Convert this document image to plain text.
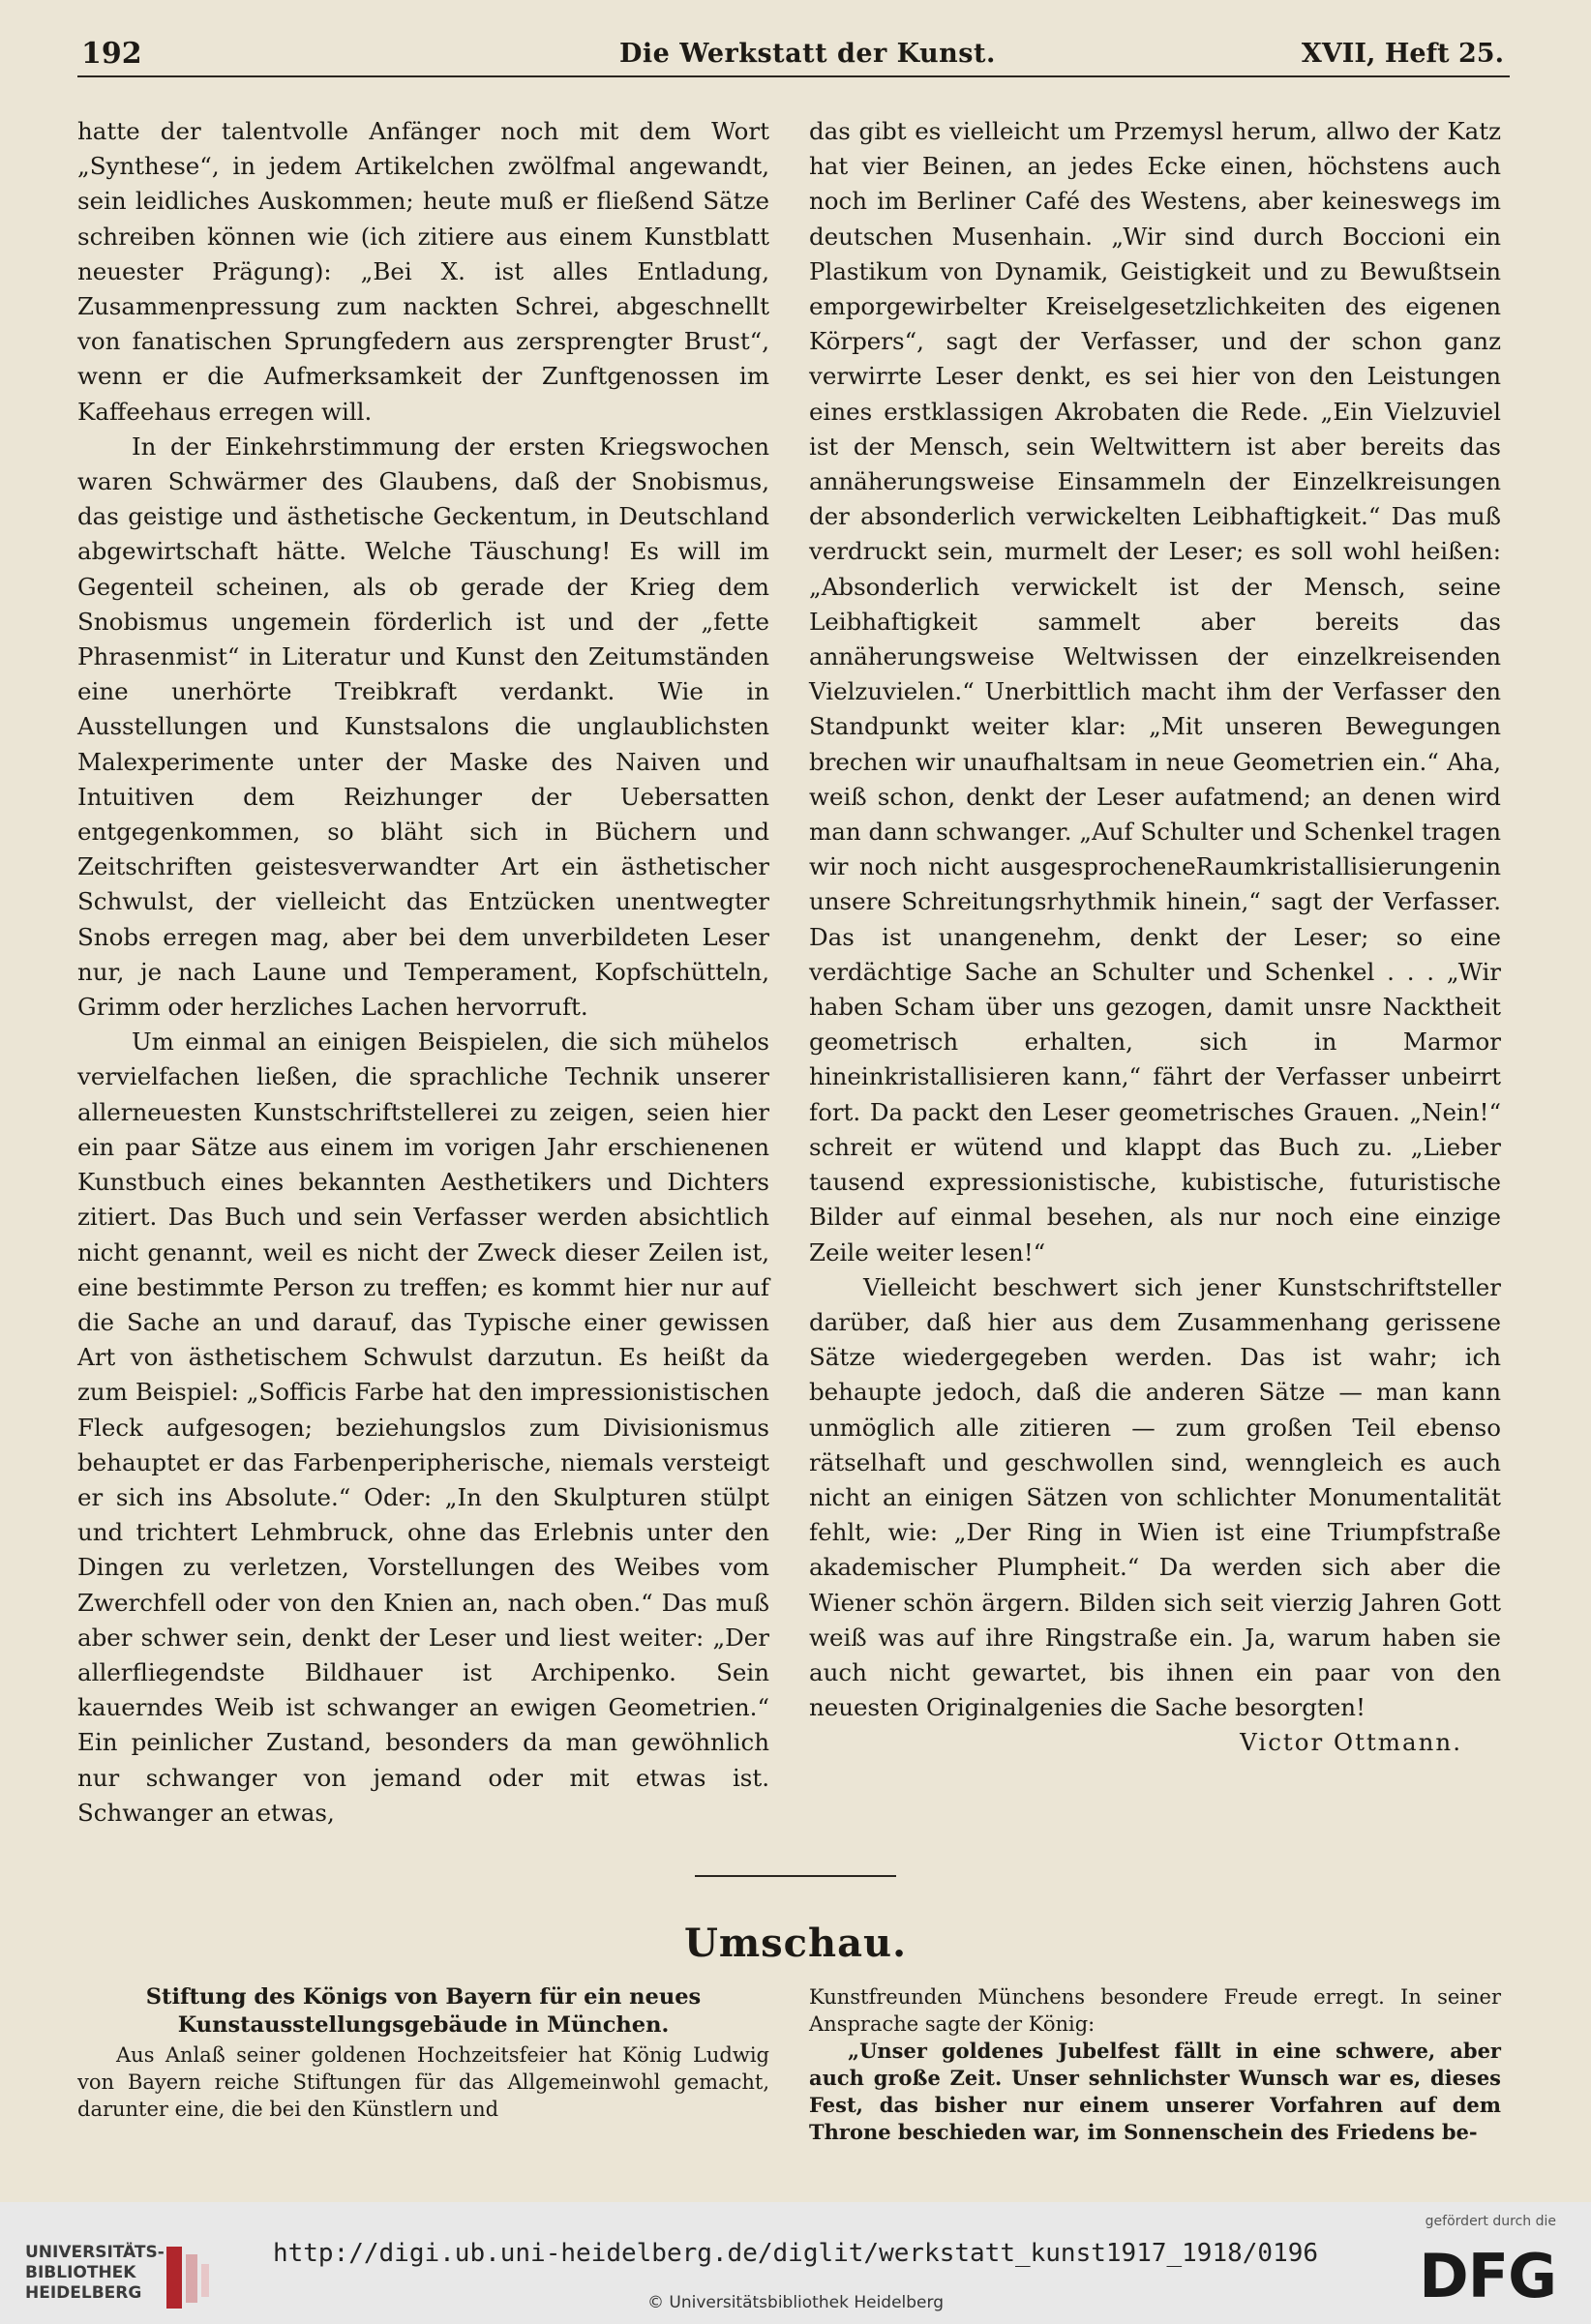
192	Die Werkstatt der Kunst.	XVII, Heft 25.

hatte der talentvolle Anfänger noch mit dem Wort „Synthese“, in jedem Artikelchen zwölfmal angewandt, sein leidliches Auskommen; heute muß er fließend Sätze schreiben können wie (ich zitiere aus einem Kunstblatt neuester Prägung): „Bei X. ist alles Entladung, Zusammenpressung zum nackten Schrei, abgeschnellt von fanatischen Sprungfedern aus zersprengter Brust“, wenn er die Aufmerksamkeit der Zunftgenossen im Kaffeehaus erregen will.

In der Einkehrstimmung der ersten Kriegswochen waren Schwärmer des Glaubens, daß der Snobismus, das geistige und ästhetische Geckentum, in Deutschland abgewirtschaft hätte. Welche Täuschung! Es will im Gegenteil scheinen, als ob gerade der Krieg dem Snobismus ungemein förderlich ist und der „fette Phrasenmist“ in Literatur und Kunst den Zeitumständen eine unerhörte Treibkraft verdankt. Wie in Ausstellungen und Kunstsalons die unglaublichsten Malexperimente unter der Maske des Naiven und Intuitiven dem Reizhunger der Uebersatten entgegenkommen, so bläht sich in Büchern und Zeitschriften geistesverwandter Art ein ästhetischer Schwulst, der vielleicht das Entzücken unentwegter Snobs erregen mag, aber bei dem unverbildeten Leser nur, je nach Laune und Temperament, Kopfschütteln, Grimm oder herzliches Lachen hervorruft.

Um einmal an einigen Beispielen, die sich mühelos vervielfachen ließen, die sprachliche Technik unserer allerneuesten Kunstschriftstellerei zu zeigen, seien hier ein paar Sätze aus einem im vorigen Jahr erschienenen Kunstbuch eines bekannten Aesthetikers und Dichters zitiert. Das Buch und sein Verfasser werden absichtlich nicht genannt, weil es nicht der Zweck dieser Zeilen ist, eine bestimmte Person zu treffen; es kommt hier nur auf die Sache an und darauf, das Typische einer gewissen Art von ästhetischem Schwulst darzutun. Es heißt da zum Beispiel: „Sofficis Farbe hat den impressionistischen Fleck aufgesogen; beziehungslos zum Divisionismus behauptet er das Farbenperipherische, niemals versteigt er sich ins Absolute.“ Oder: „In den Skulpturen stülpt und trichtert Lehmbruck, ohne das Erlebnis unter den Dingen zu verletzen, Vorstellungen des Weibes vom Zwerchfell oder von den Knien an, nach oben.“ Das muß aber schwer sein, denkt der Leser und liest weiter: „Der allerfliegendste Bildhauer ist Archipenko. Sein kauerndes Weib ist schwanger an ewigen Geometrien.“ Ein peinlicher Zustand, besonders da man gewöhnlich nur schwanger von jemand oder mit etwas ist. Schwanger an etwas,

das gibt es vielleicht um Przemysl herum, allwo der Katz hat vier Beinen, an jedes Ecke einen, höchstens auch noch im Berliner Café des Westens, aber keineswegs im deutschen Musenhain. „Wir sind durch Boccioni ein Plastikum von Dynamik, Geistigkeit und zu Bewußtsein emporgewirbelter Kreiselgesetzlichkeiten des eigenen Körpers“, sagt der Verfasser, und der schon ganz verwirrte Leser denkt, es sei hier von den Leistungen eines erstklassigen Akrobaten die Rede. „Ein Vielzuviel ist der Mensch, sein Weltwittern ist aber bereits das annäherungsweise Einsammeln der Einzelkreisungen der absonderlich verwickelten Leibhaftigkeit.“ Das muß verdruckt sein, murmelt der Leser; es soll wohl heißen: „Absonderlich verwickelt ist der Mensch, seine Leibhaftigkeit sammelt aber bereits das annäherungsweise Weltwissen der einzelkreisenden Vielzuvielen.“ Unerbittlich macht ihm der Verfasser den Standpunkt weiter klar: „Mit unseren Bewegungen brechen wir unaufhaltsam in neue Geometrien ein.“ Aha, weiß schon, denkt der Leser aufatmend; an denen wird man dann schwanger. „Auf Schulter und Schenkel tragen wir noch nicht ausgesprocheneRaumkristallisierungenin unsere Schreitungsrhythmik hinein,“ sagt der Verfasser. Das ist unangenehm, denkt der Leser; so eine verdächtige Sache an Schulter und Schenkel . . . „Wir haben Scham über uns gezogen, damit unsre Nacktheit geometrisch erhalten, sich in Marmor hineinkristallisieren kann,“ fährt der Verfasser unbeirrt fort. Da packt den Leser geometrisches Grauen. „Nein!“ schreit er wütend und klappt das Buch zu. „Lieber tausend expressionistische, kubistische, futuristische Bilder auf einmal besehen, als nur noch eine einzige Zeile weiter lesen!“

Vielleicht beschwert sich jener Kunstschriftsteller darüber, daß hier aus dem Zusammenhang gerissene Sätze wiedergegeben werden. Das ist wahr; ich behaupte jedoch, daß die anderen Sätze — man kann unmöglich alle zitieren — zum großen Teil ebenso rätselhaft und geschwollen sind, wenngleich es auch nicht an einigen Sätzen von schlichter Monumentalität fehlt, wie: „Der Ring in Wien ist eine Triumpfstraße akademischer Plumpheit.“ Da werden sich aber die Wiener schön ärgern. Bilden sich seit vierzig Jahren Gott weiß was auf ihre Ringstraße ein. Ja, warum haben sie auch nicht gewartet, bis ihnen ein paar von den neuesten Originalgenies die Sache besorgten!

Victor Ottmann.
Umschau.
Stiftung des Königs von Bayern für ein neues Kunstausstellungsgebäude in München.

Aus Anlaß seiner goldenen Hochzeitsfeier hat König Ludwig von Bayern reiche Stiftungen für das Allgemeinwohl gemacht, darunter eine, die bei den Künstlern und

Kunstfreunden Münchens besondere Freude erregt. In seiner Ansprache sagte der König:

„Unser goldenes Jubelfest fällt in eine schwere, aber auch große Zeit. Unser sehnlichster Wunsch war es, dieses Fest, das bisher nur einem unserer Vorfahren auf dem Throne beschieden war, im Sonnenschein des Friedens be-

UNIVERSITÄTS-
BIBLIOTHEK
HEIDELBERG
http://digi.ub.uni-heidelberg.de/diglit/werkstatt_kunst1917_1918/0196
© Universitätsbibliothek Heidelberg
gefördert durch die
DFG
